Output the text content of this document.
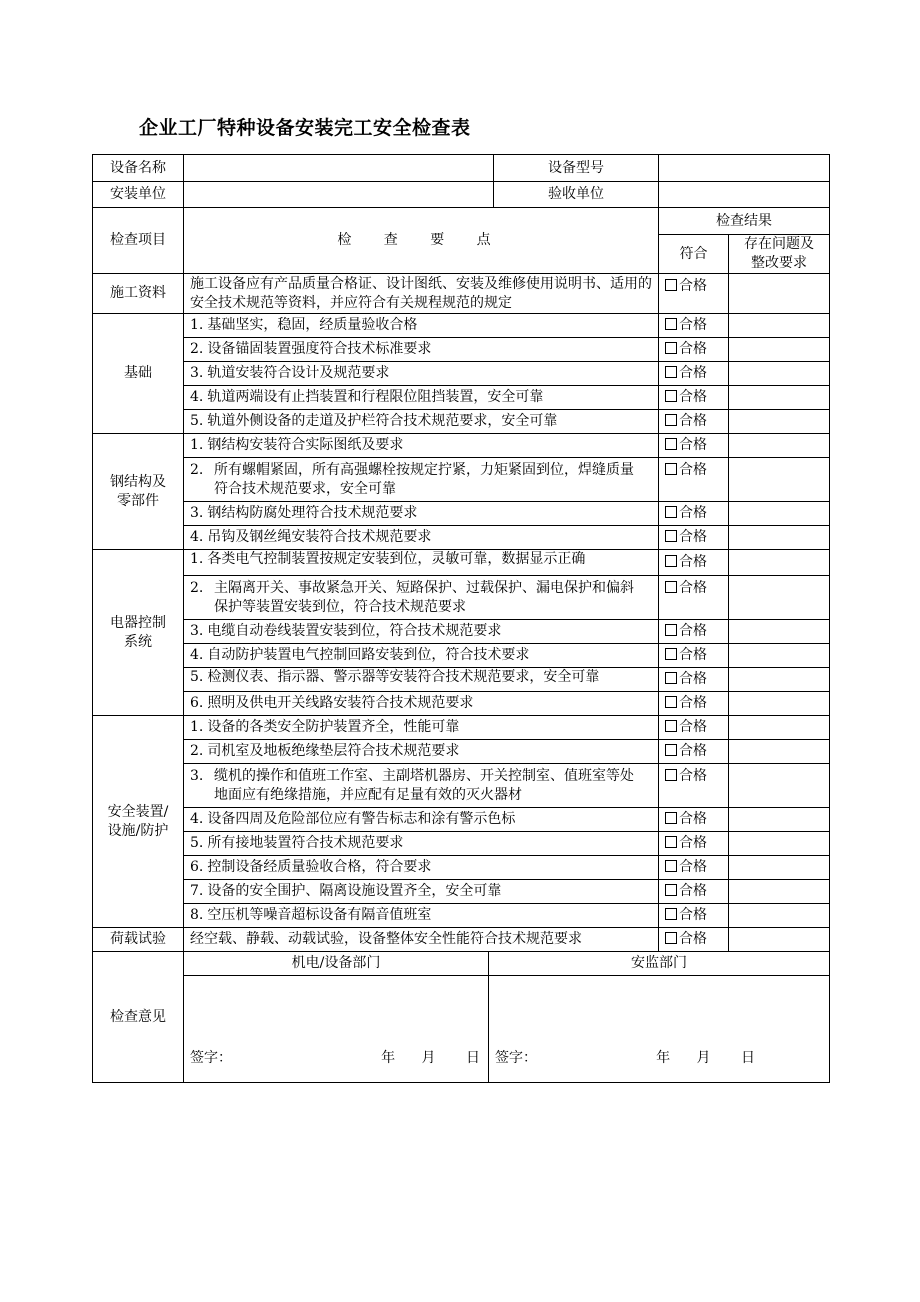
企业工厂特种设备安装完工安全检查表
设备名称			设备型号		
安装单位			验收单位		
检查项目	检 查 要 点			检查结果	
				符合	存在问题及
整改要求

施工资料	施工设备应有产品质量合格证、设计图纸、安装及维修使用说明书、适用的安全技术规范等资料，并应符合有关规程规范的规定			合格	
基础	1. 基础坚实，稳固，经质量验收合格			合格	
	2. 设备锚固装置强度符合技术标准要求			合格	
	3. 轨道安装符合设计及规范要求			合格	
	4. 轨道两端设有止挡装置和行程限位阻挡装置，安全可靠			合格	
	5. 轨道外侧设备的走道及护栏符合技术规范要求，安全可靠			合格	

钢结构及
零部件	1. 钢结构安装符合实际图纸及要求			合格	
	2. 所有螺帽紧固，所有高强螺栓按规定拧紧，力矩紧固到位，焊缝质量符合技术规范要求，安全可靠			合格	
	3. 钢结构防腐处理符合技术规范要求			合格	
	4. 吊钩及钢丝绳安装符合技术规范要求			合格	

电器控制
系统	1. 各类电气控制装置按规定安装到位，灵敏可靠，数据显示正确			合格	
	2. 主隔离开关、事故紧急开关、短路保护、过载保护、漏电保护和偏斜保护等装置安装到位，符合技术规范要求			合格	
	3. 电缆自动卷线装置安装到位，符合技术规范要求			合格	
	4. 自动防护装置电气控制回路安装到位，符合技术要求			合格	

	5. 检测仪表、指示器、警示器等安装符合技术规范要求，安全可靠			合格	
	6. 照明及供电开关线路安装符合技术规范要求			合格	

安全装置/
设施/防护	1. 设备的各类安全防护装置齐全，性能可靠			合格	
	2. 司机室及地板绝缘垫层符合技术规范要求			合格	
	3. 缆机的操作和值班工作室、主副塔机器房、开关控制室、值班室等处地面应有绝缘措施，并应配有足量有效的灭火器材			合格	
	4. 设备四周及危险部位应有警告标志和涂有警示色标			合格	
	5. 所有接地装置符合技术规范要求			合格	
	6. 控制设备经质量验收合格，符合要求			合格	
	7. 设备的安全围护、隔离设施设置齐全，安全可靠			合格	
	8. 空压机等噪音超标设备有隔音值班室			合格	
荷载试验	经空载、静载、动载试验，设备整体安全性能符合技术规范要求			合格	
检查意见	机电/设备部门	安监部门			

	签字： 年 月 日	签字： 年 月 日			
